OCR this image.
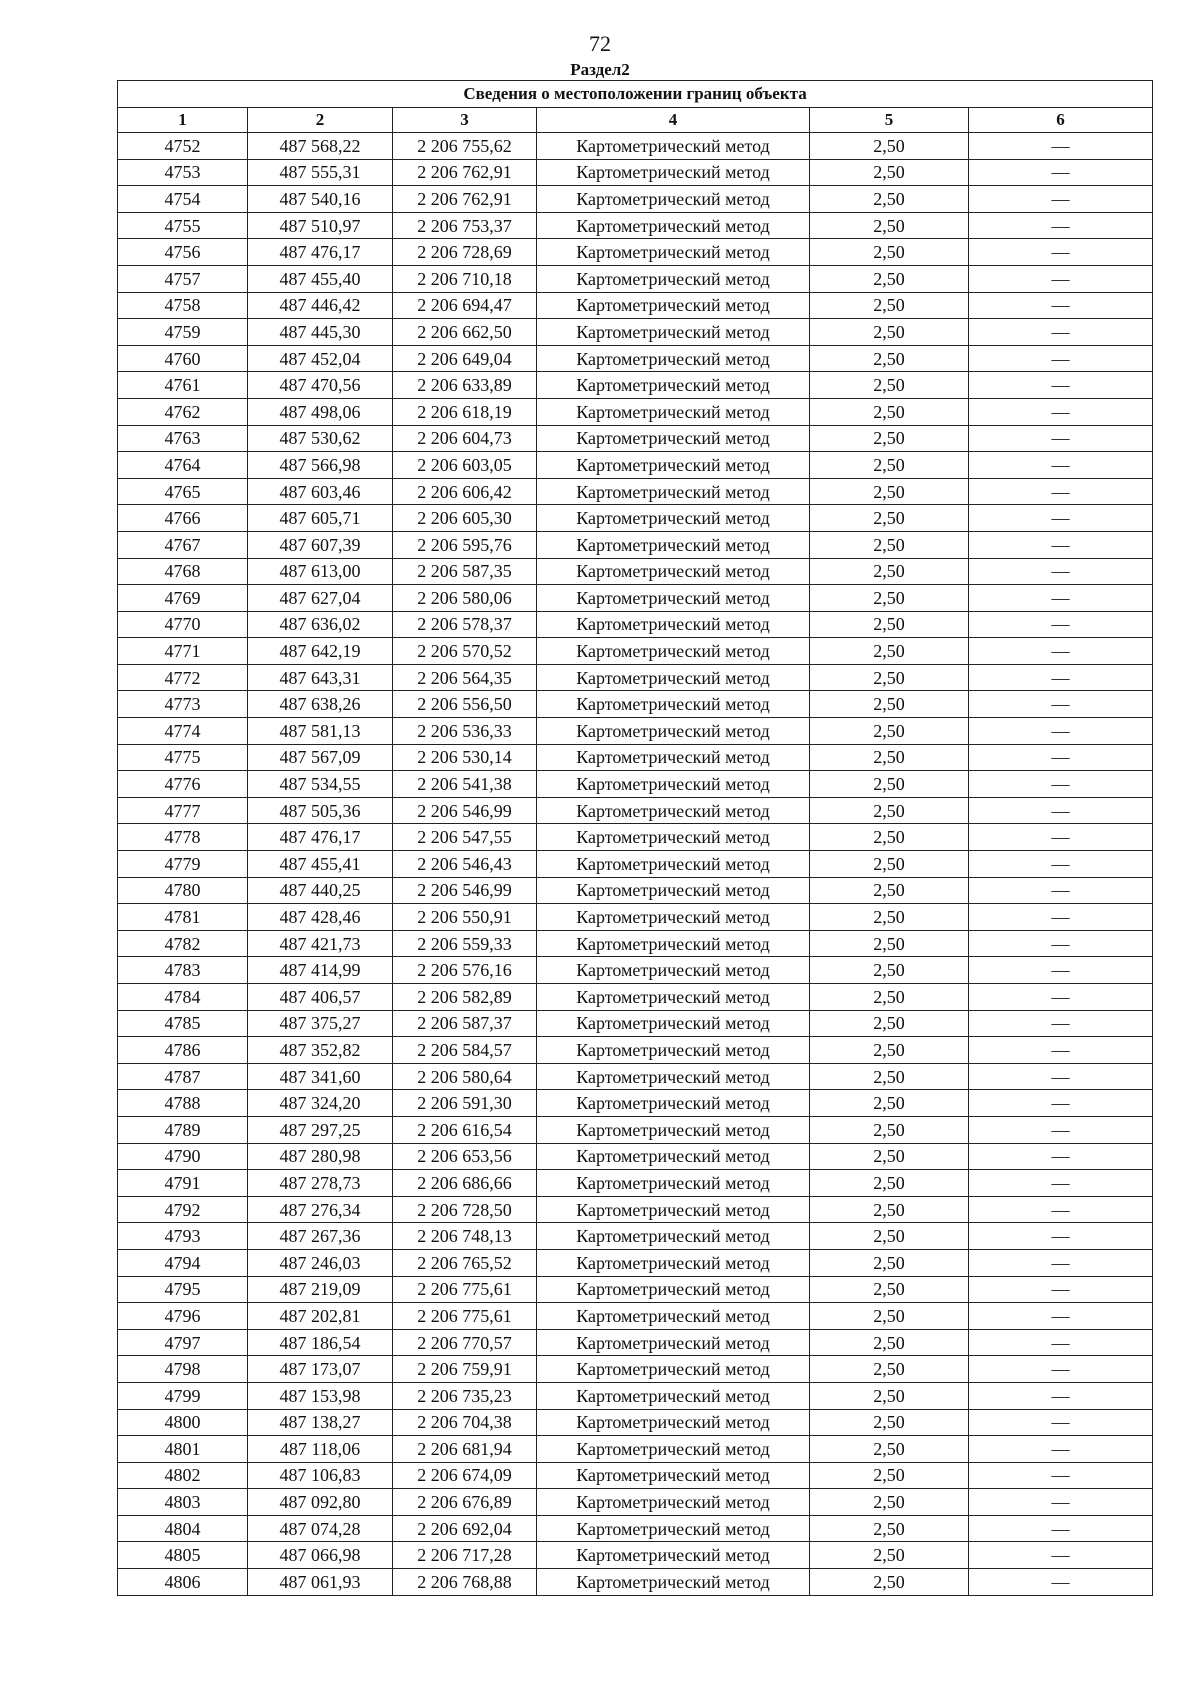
72
Раздел2
Сведения о местоположении границ объекта					
1	2	3	4	5	6
4752	487 568,22	2 206 755,62	Картометрический метод	2,50	—
4753	487 555,31	2 206 762,91	Картометрический метод	2,50	—
4754	487 540,16	2 206 762,91	Картометрический метод	2,50	—
4755	487 510,97	2 206 753,37	Картометрический метод	2,50	—
4756	487 476,17	2 206 728,69	Картометрический метод	2,50	—
4757	487 455,40	2 206 710,18	Картометрический метод	2,50	—
4758	487 446,42	2 206 694,47	Картометрический метод	2,50	—
4759	487 445,30	2 206 662,50	Картометрический метод	2,50	—
4760	487 452,04	2 206 649,04	Картометрический метод	2,50	—
4761	487 470,56	2 206 633,89	Картометрический метод	2,50	—
4762	487 498,06	2 206 618,19	Картометрический метод	2,50	—
4763	487 530,62	2 206 604,73	Картометрический метод	2,50	—
4764	487 566,98	2 206 603,05	Картометрический метод	2,50	—
4765	487 603,46	2 206 606,42	Картометрический метод	2,50	—
4766	487 605,71	2 206 605,30	Картометрический метод	2,50	—
4767	487 607,39	2 206 595,76	Картометрический метод	2,50	—
4768	487 613,00	2 206 587,35	Картометрический метод	2,50	—
4769	487 627,04	2 206 580,06	Картометрический метод	2,50	—
4770	487 636,02	2 206 578,37	Картометрический метод	2,50	—
4771	487 642,19	2 206 570,52	Картометрический метод	2,50	—
4772	487 643,31	2 206 564,35	Картометрический метод	2,50	—
4773	487 638,26	2 206 556,50	Картометрический метод	2,50	—
4774	487 581,13	2 206 536,33	Картометрический метод	2,50	—
4775	487 567,09	2 206 530,14	Картометрический метод	2,50	—
4776	487 534,55	2 206 541,38	Картометрический метод	2,50	—
4777	487 505,36	2 206 546,99	Картометрический метод	2,50	—
4778	487 476,17	2 206 547,55	Картометрический метод	2,50	—
4779	487 455,41	2 206 546,43	Картометрический метод	2,50	—
4780	487 440,25	2 206 546,99	Картометрический метод	2,50	—
4781	487 428,46	2 206 550,91	Картометрический метод	2,50	—
4782	487 421,73	2 206 559,33	Картометрический метод	2,50	—
4783	487 414,99	2 206 576,16	Картометрический метод	2,50	—
4784	487 406,57	2 206 582,89	Картометрический метод	2,50	—
4785	487 375,27	2 206 587,37	Картометрический метод	2,50	—
4786	487 352,82	2 206 584,57	Картометрический метод	2,50	—
4787	487 341,60	2 206 580,64	Картометрический метод	2,50	—
4788	487 324,20	2 206 591,30	Картометрический метод	2,50	—
4789	487 297,25	2 206 616,54	Картометрический метод	2,50	—
4790	487 280,98	2 206 653,56	Картометрический метод	2,50	—
4791	487 278,73	2 206 686,66	Картометрический метод	2,50	—
4792	487 276,34	2 206 728,50	Картометрический метод	2,50	—
4793	487 267,36	2 206 748,13	Картометрический метод	2,50	—
4794	487 246,03	2 206 765,52	Картометрический метод	2,50	—
4795	487 219,09	2 206 775,61	Картометрический метод	2,50	—
4796	487 202,81	2 206 775,61	Картометрический метод	2,50	—
4797	487 186,54	2 206 770,57	Картометрический метод	2,50	—
4798	487 173,07	2 206 759,91	Картометрический метод	2,50	—
4799	487 153,98	2 206 735,23	Картометрический метод	2,50	—
4800	487 138,27	2 206 704,38	Картометрический метод	2,50	—
4801	487 118,06	2 206 681,94	Картометрический метод	2,50	—
4802	487 106,83	2 206 674,09	Картометрический метод	2,50	—
4803	487 092,80	2 206 676,89	Картометрический метод	2,50	—
4804	487 074,28	2 206 692,04	Картометрический метод	2,50	—
4805	487 066,98	2 206 717,28	Картометрический метод	2,50	—
4806	487 061,93	2 206 768,88	Картометрический метод	2,50	—
